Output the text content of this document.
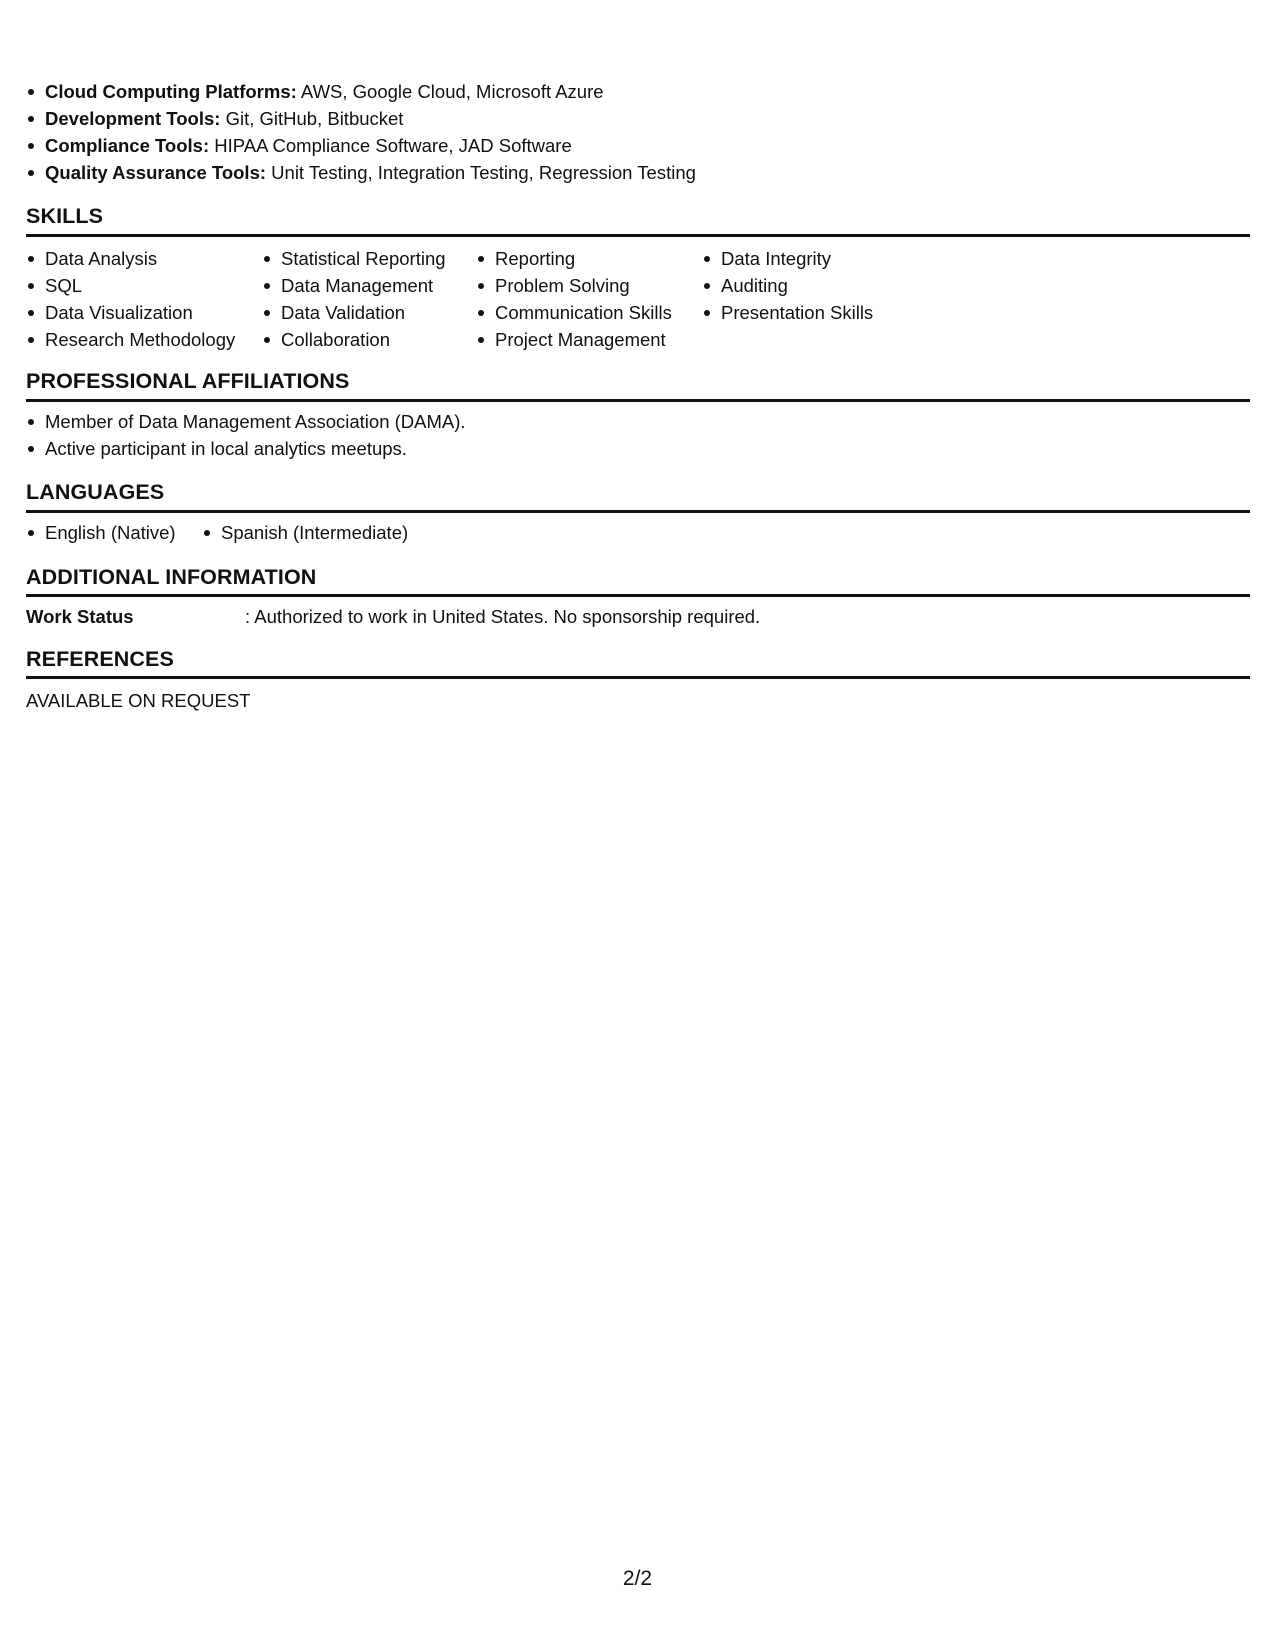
Cloud Computing Platforms: AWS, Google Cloud, Microsoft Azure
Development Tools: Git, GitHub, Bitbucket
Compliance Tools: HIPAA Compliance Software, JAD Software
Quality Assurance Tools: Unit Testing, Integration Testing, Regression Testing
SKILLS
Data Analysis
SQL
Data Visualization
Research Methodology
Statistical Reporting
Data Management
Data Validation
Collaboration
Reporting
Problem Solving
Communication Skills
Project Management
Data Integrity
Auditing
Presentation Skills
PROFESSIONAL AFFILIATIONS
Member of Data Management Association (DAMA).
Active participant in local analytics meetups.
LANGUAGES
English (Native)	Spanish (Intermediate)
ADDITIONAL INFORMATION
Work Status	: Authorized to work in United States. No sponsorship required.
REFERENCES
AVAILABLE ON REQUEST
2/2
